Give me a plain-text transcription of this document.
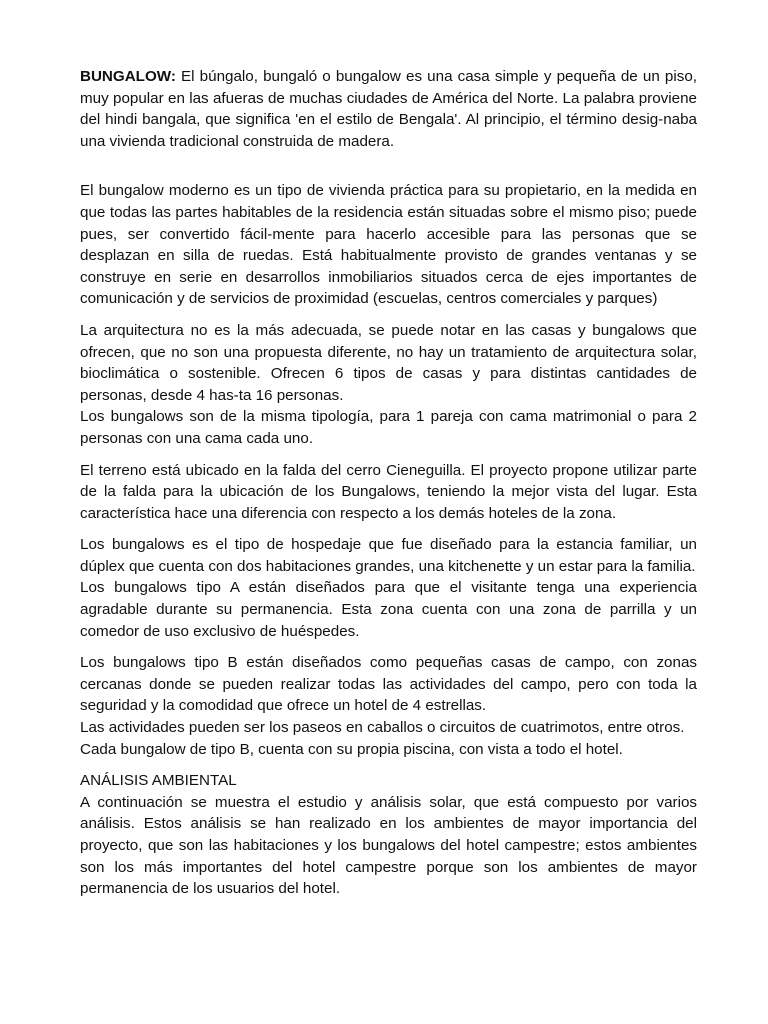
BUNGALOW: El búngalo, bungaló o bungalow es una casa simple y pequeña de un piso, muy popular en las afueras de muchas ciudades de América del Norte. La palabra proviene del hindi bangala, que significa 'en el estilo de Bengala'. Al principio, el término desig-naba una vivienda tradicional construida de madera.

El bungalow moderno es un tipo de vivienda práctica para su propietario, en la medida en que todas las partes habitables de la residencia están situadas sobre el mismo piso; puede pues, ser convertido fácil-mente para hacerlo accesible para las personas que se desplazan en silla de ruedas. Está habitualmente provisto de grandes ventanas y se construye en serie en desarrollos inmobiliarios situados cerca de ejes importantes de comunicación y de servicios de proximidad (escuelas, centros comerciales y parques)

La arquitectura no es la más adecuada, se puede notar en las casas y bungalows que ofrecen, que no son una propuesta diferente, no hay un tratamiento de arquitectura solar, bioclimática o sostenible. Ofrecen 6 tipos de casas y para distintas cantidades de personas, desde 4 has-ta 16 personas.
Los bungalows son de la misma tipología, para 1 pareja con cama matrimonial o para 2 personas con una cama cada uno.

El terreno está ubicado en la falda del cerro Cieneguilla. El proyecto propone utilizar parte de la falda para la ubicación de los Bungalows, teniendo la mejor vista del lugar. Esta característica hace una diferencia con respecto a los demás hoteles de la zona.

Los bungalows es el tipo de hospedaje que fue diseñado para la estancia familiar, un dúplex que cuenta con dos habitaciones grandes, una kitchenette y un estar para la familia.
Los bungalows tipo A están diseñados para que el visitante tenga una experiencia agradable durante su permanencia. Esta zona cuenta con una zona de parrilla y un comedor de uso exclusivo de huéspedes.

Los bungalows tipo B están diseñados como pequeñas casas de campo, con zonas cercanas donde se pueden realizar todas las actividades del campo, pero con toda la seguridad y la comodidad que ofrece un hotel de 4 estrellas.
Las actividades pueden ser los paseos en caballos o circuitos de cuatrimotos, entre otros.
Cada bungalow de tipo B, cuenta con su propia piscina, con vista a todo el hotel.

ANÁLISIS AMBIENTAL
A continuación se muestra el estudio y análisis solar, que está compuesto por varios análisis. Estos análisis se han realizado en los ambientes de mayor importancia del proyecto, que son las habitaciones y los bungalows del hotel campestre; estos ambientes son los más importantes del hotel campestre porque son los ambientes de mayor permanencia de los usuarios del hotel.
